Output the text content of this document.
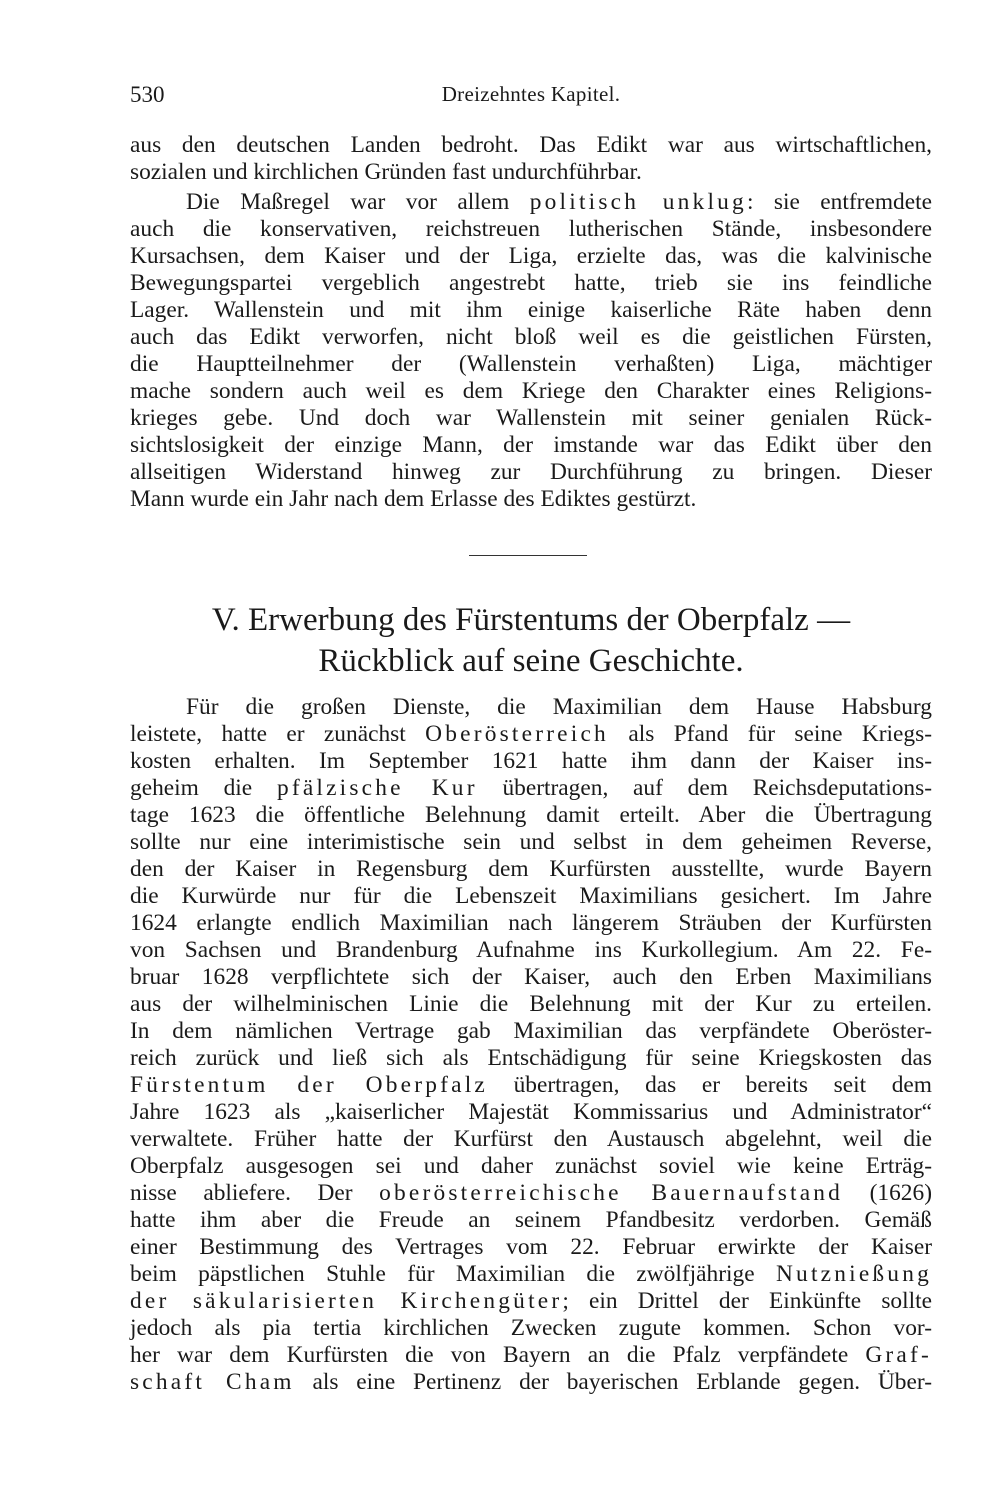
530	Dreizehntes Kapitel.
aus den deutschen Landen bedroht. Das Edikt war aus wirtschaftlichen,
sozialen und kirchlichen Gründen fast undurchführbar.
Die Maßregel war vor allem politisch unklug: sie entfremdete
auch die konservativen, reichstreuen lutherischen Stände, insbesondere
Kursachsen, dem Kaiser und der Liga, erzielte das, was die kalvinische
Bewegungspartei vergeblich angestrebt hatte, trieb sie ins feindliche
Lager. Wallenstein und mit ihm einige kaiserliche Räte haben denn
auch das Edikt verworfen, nicht bloß weil es die geistlichen Fürsten,
die Hauptteilnehmer der (Wallenstein verhaßten) Liga, mächtiger
mache sondern auch weil es dem Kriege den Charakter eines Religions-
krieges gebe. Und doch war Wallenstein mit seiner genialen Rück-
sichtslosigkeit der einzige Mann, der imstande war das Edikt über den
allseitigen Widerstand hinweg zur Durchführung zu bringen. Dieser
Mann wurde ein Jahr nach dem Erlasse des Ediktes gestürzt.
V. Erwerbung des Fürstentums der Oberpfalz —
Rückblick auf seine Geschichte.
Für die großen Dienste, die Maximilian dem Hause Habsburg
leistete, hatte er zunächst Oberösterreich als Pfand für seine Kriegs-
kosten erhalten. Im September 1621 hatte ihm dann der Kaiser ins-
geheim die pfälzische Kur übertragen, auf dem Reichsdeputations-
tage 1623 die öffentliche Belehnung damit erteilt. Aber die Übertragung
sollte nur eine interimistische sein und selbst in dem geheimen Reverse,
den der Kaiser in Regensburg dem Kurfürsten ausstellte, wurde Bayern
die Kurwürde nur für die Lebenszeit Maximilians gesichert. Im Jahre
1624 erlangte endlich Maximilian nach längerem Sträuben der Kurfürsten
von Sachsen und Brandenburg Aufnahme ins Kurkollegium. Am 22. Fe-
bruar 1628 verpflichtete sich der Kaiser, auch den Erben Maximilians
aus der wilhelminischen Linie die Belehnung mit der Kur zu erteilen.
In dem nämlichen Vertrage gab Maximilian das verpfändete Oberöster-
reich zurück und ließ sich als Entschädigung für seine Kriegskosten das
Fürstentum der Oberpfalz übertragen, das er bereits seit dem
Jahre 1623 als „kaiserlicher Majestät Kommissarius und Administrator“
verwaltete. Früher hatte der Kurfürst den Austausch abgelehnt, weil die
Oberpfalz ausgesogen sei und daher zunächst soviel wie keine Erträg-
nisse abliefere. Der oberösterreichische Bauernaufstand (1626)
hatte ihm aber die Freude an seinem Pfandbesitz verdorben. Gemäß
einer Bestimmung des Vertrages vom 22. Februar erwirkte der Kaiser
beim päpstlichen Stuhle für Maximilian die zwölfjährige Nutznießung
der säkularisierten Kirchengüter; ein Drittel der Einkünfte sollte
jedoch als pia tertia kirchlichen Zwecken zugute kommen. Schon vor-
her war dem Kurfürsten die von Bayern an die Pfalz verpfändete Graf-
schaft Cham als eine Pertinenz der bayerischen Erblande gegen. Über-
